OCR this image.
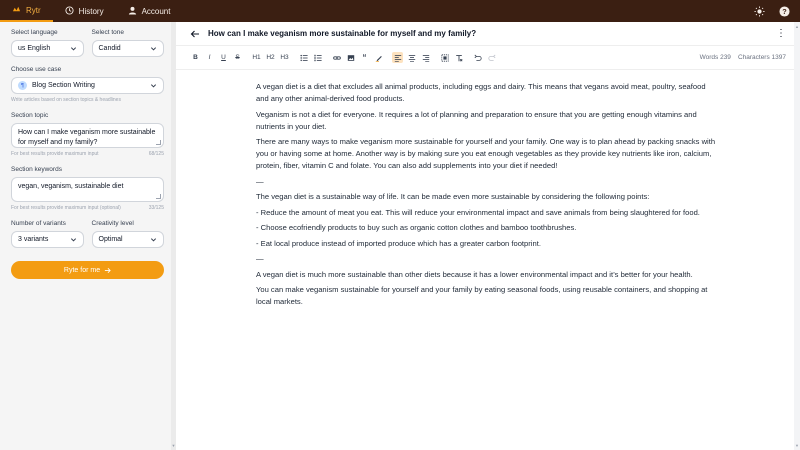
Rytr	History	Account	?
Select language
us English
Select tone
Candid
Choose use case
¶	Blog Section Writing
Write articles based on section topics & headlines
Section topic
How can I make veganism more sustainable for myself and my family?
For best results provide maximum input	68/125
Section keywords
vegan, veganism, sustainable diet
For best results provide maximum input (optional)	33/125
Number of variants
3 variants
Creativity level
Optimal
Ryte for me
▼
How can I make veganism more sustainable for myself and my family?	⋮
B	I	U	S	H1 H2 H3	“	Words 239 Characters 1397

A vegan diet is a diet that excludes all animal products, including eggs and dairy. This means that vegans avoid meat, poultry, seafood and any other animal-derived food products.

Veganism is not a diet for everyone. It requires a lot of planning and preparation to ensure that you are getting enough vitamins and nutrients in your diet.

There are many ways to make veganism more sustainable for yourself and your family. One way is to plan ahead by packing snacks with you or having some at home. Another way is by making sure you eat enough vegetables as they provide key nutrients like iron, calcium, protein, fiber, vitamin C and folate. You can also add supplements into your diet if needed!

—

The vegan diet is a sustainable way of life. It can be made even more sustainable by considering the following points:

- Reduce the amount of meat you eat. This will reduce your environmental impact and save animals from being slaughtered for food.

- Choose ecofriendly products to buy such as organic cotton clothes and bamboo toothbrushes.

- Eat local produce instead of imported produce which has a greater carbon footprint.

—

A vegan diet is much more sustainable than other diets because it has a lower environmental impact and it’s better for your health.

You can make veganism sustainable for yourself and your family by eating seasonal foods, using reusable containers, and shopping at local markets.

▲
▼
